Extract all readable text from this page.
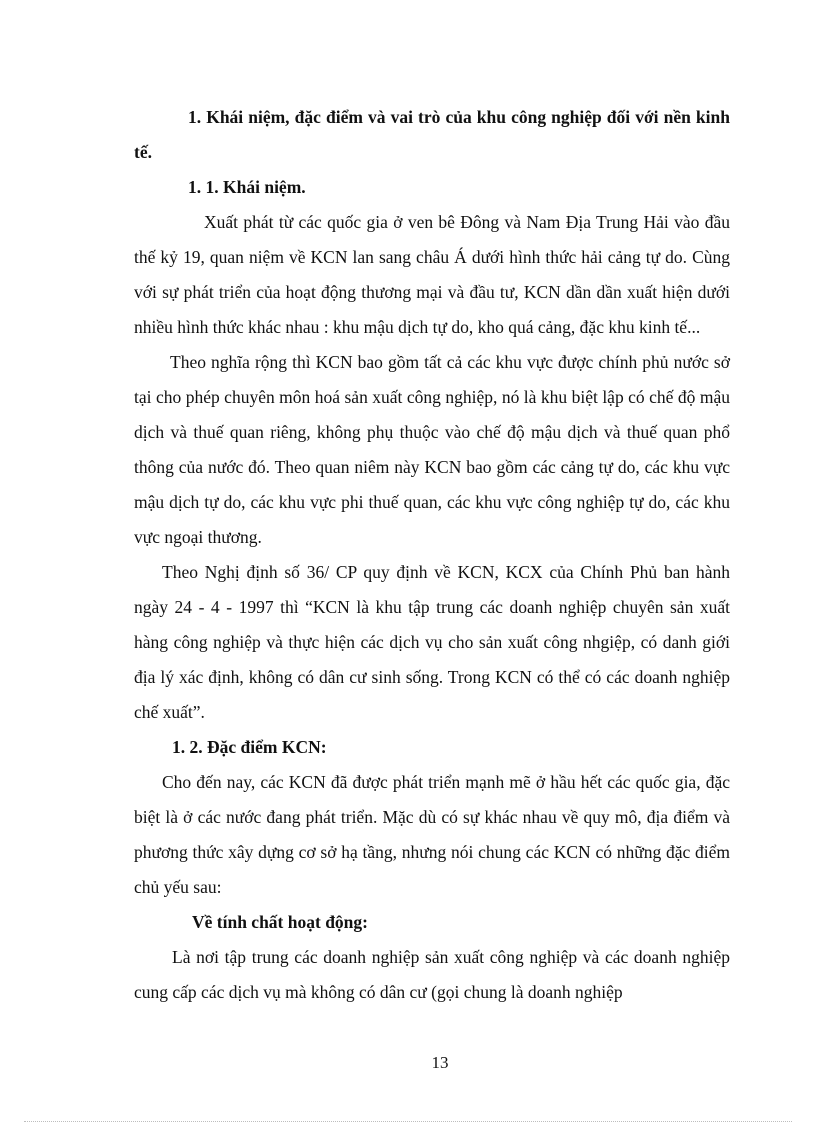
1. Khái niệm, đặc điểm và vai trò của khu công nghiệp đối với nền kinh tế.

1. 1. Khái niệm.

Xuất phát từ các quốc gia ở ven bê Đông và Nam Địa Trung Hải vào đầu thế kỷ 19, quan niệm về KCN lan sang châu Á dưới hình thức hải cảng tự do. Cùng với sự phát triển của hoạt động thương mại và đầu tư, KCN dần dần xuất hiện dưới nhiều hình thức khác nhau : khu mậu dịch tự do, kho quá cảng, đặc khu kinh tế...

Theo nghĩa rộng thì KCN bao gồm tất cả các khu vực được chính phủ nước sở tại cho phép chuyên môn hoá sản xuất công nghiệp, nó là khu biệt lập có chế độ mậu dịch và thuế quan riêng, không phụ thuộc vào chế độ mậu dịch và thuế quan phổ thông của nước đó. Theo quan niêm này KCN bao gồm các cảng tự do, các khu vực mậu dịch tự do, các khu vực phi thuế quan, các khu vực công nghiệp tự do, các khu vực ngoại thương.

Theo Nghị định số 36/ CP quy định về KCN, KCX của Chính Phủ ban hành ngày 24 - 4 - 1997 thì “KCN là khu tập trung các doanh nghiệp chuyên sản xuất hàng công nghiệp và thực hiện các dịch vụ cho sản xuất công nhgiệp, có danh giới địa lý xác định, không có dân cư sinh sống. Trong KCN có thể có các doanh nghiệp chế xuất”.

1. 2. Đặc điểm KCN:

Cho đến nay, các KCN đã được phát triển mạnh mẽ ở hầu hết các quốc gia, đặc biệt là ở các nước đang phát triển. Mặc dù có sự khác nhau về quy mô, địa điểm và phương thức xây dựng cơ sở hạ tầng, nhưng nói chung các KCN có những đặc điểm chủ yếu sau:

Về tính chất hoạt động:

Là nơi tập trung các doanh nghiệp sản xuất công nghiệp và các doanh nghiệp cung cấp các dịch vụ mà không có dân cư (gọi chung là doanh nghiệp

13
